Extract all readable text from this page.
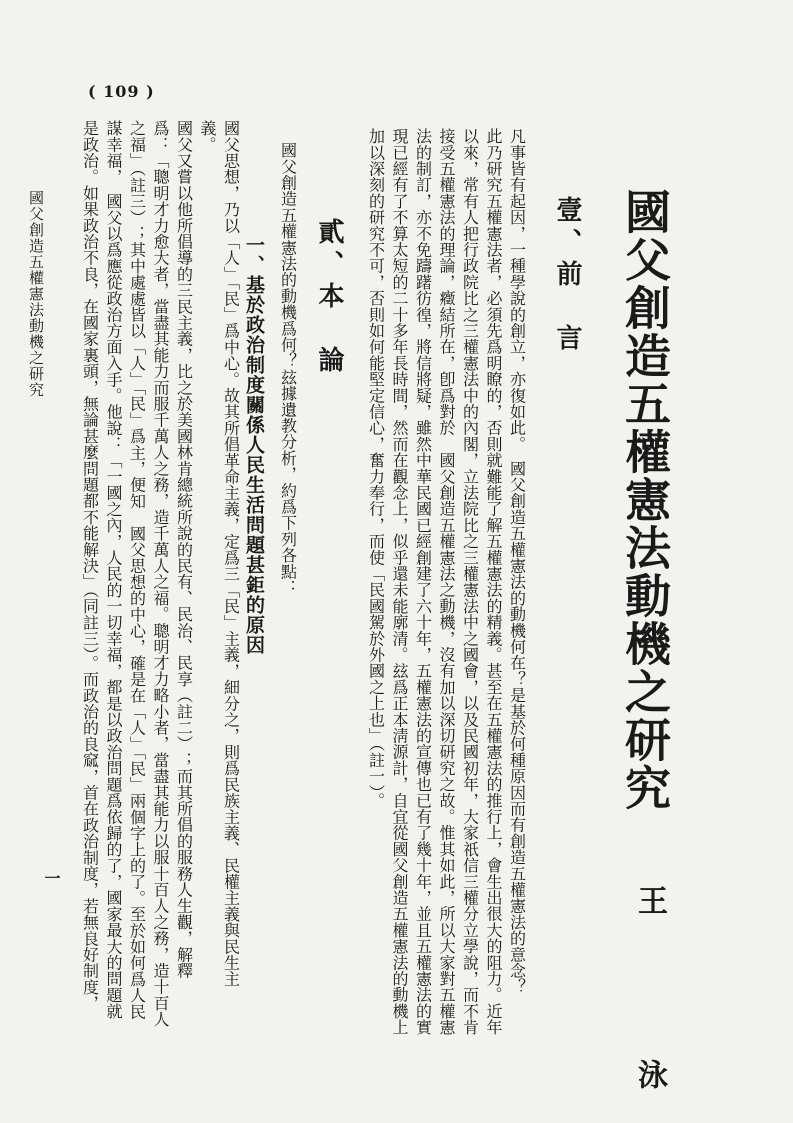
( 109 )
國父創造五權憲法動機之研究
王　　泳
壹、前　言
凡事皆有起因，一種學說的創立，亦復如此。　國父創造五權憲法的動機何在？是基於何種原因而有創造五權憲法的意念？
此乃研究五權憲法者，必須先爲明瞭的，否則就難能了解五權憲法的精義。甚至在五權憲法的推行上，會生出很大的阻力。近年
以來，常有人把行政院比之三權憲法中的內閣，立法院比之三權憲法中之國會，以及民國初年，大家祇信三權分立學說，而不肯
接受五權憲法的理論，癥結所在，卽爲對於　國父創造五權憲法之動機，沒有加以深切研究之故。惟其如此，所以大家對五權憲
法的制訂，亦不免躊躇彷徨，將信將疑，雖然中華民國已經創建了六十年，五權憲法的宣傳也已有了幾十年，並且五權憲法的實
現已經有了不算太短的二十多年長時間，然而在觀念上，似乎還未能廓清。玆爲正本淸源計，自宜從國父創造五權憲法的動機上
加以深刻的研究不可，否則如何能堅定信心，奮力奉行，而使「民國駕於外國之上也」（註一）。
貳、本　論
國父創造五權憲法的動機爲何？玆據遺教分析，約爲下列各點：
一、基於政治制度關係人民生活問題甚鉅的原因
國父思想，乃以「人」「民」爲中心。故其所倡革命主義，定爲三「民」主義，細分之，則爲民族主義、民權主義與民生主
義。
國父又嘗以他所倡導的三民主義，比之於美國林肯總統所說的民有、民治、民享（註二）；而其所倡的服務人生觀，解釋
爲：「聰明才力愈大者，當盡其能力而服千萬人之務，造千萬人之福。聰明才力略小者，當盡其能力以服十百人之務，造十百人
之福」（註三）；其中處處皆以「人」「民」爲主，便知　國父思想的中心，確是在「人」「民」兩個字上的了。至於如何爲人民
謀幸福，　國父以爲應從政治方面入手。他說：「一國之內，人民的一切幸福，都是以政治問題爲依歸的了，國家最大的問題就
是政治。如果政治不良，在國家裏頭，無論甚麼問題都不能解決」（同註三）。而政治的良窳，首在政治制度，若無良好制度，
國父創造五權憲法動機之研究
一
